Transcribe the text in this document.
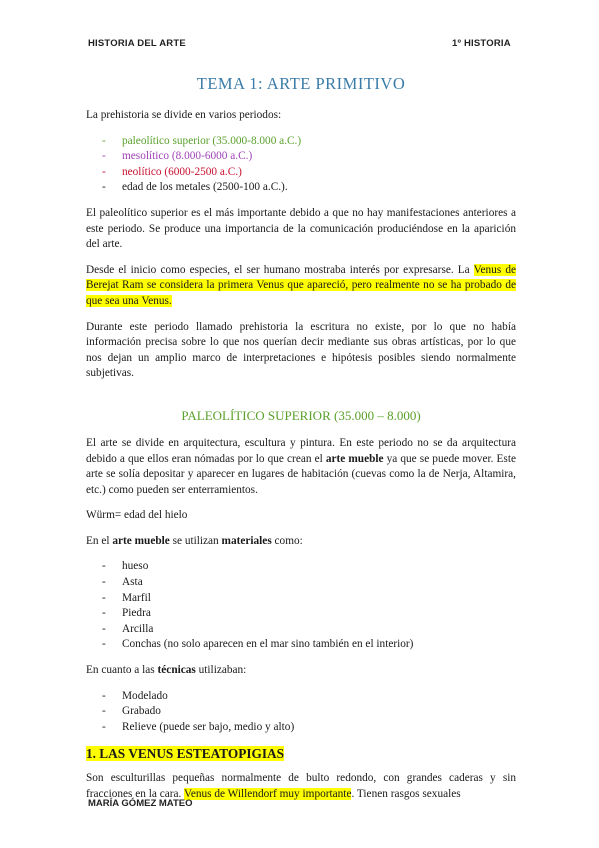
HISTORIA DEL ARTE	1º HISTORIA
TEMA 1: ARTE PRIMITIVO

La prehistoria se divide en varios periodos:

- paleolítico superior (35.000-8.000 a.C.)
- mesolítico (8.000-6000 a.C.)
- neolítico (6000-2500 a.C.)
- edad de los metales (2500-100 a.C.).

El paleolítico superior es el más importante debido a que no hay manifestaciones anteriores a este periodo. Se produce una importancia de la comunicación produciéndose en la aparición del arte.

Desde el inicio como especies, el ser humano mostraba interés por expresarse. La Venus de Berejat Ram se considera la primera Venus que apareció, pero realmente no se ha probado de que sea una Venus.

Durante este periodo llamado prehistoria la escritura no existe, por lo que no había información precisa sobre lo que nos querían decir mediante sus obras artísticas, por lo que nos dejan un amplio marco de interpretaciones e hipótesis posibles siendo normalmente subjetivas.

PALEOLÍTICO SUPERIOR (35.000 – 8.000)

El arte se divide en arquitectura, escultura y pintura. En este periodo no se da arquitectura debido a que ellos eran nómadas por lo que crean el arte mueble ya que se puede mover. Este arte se solía depositar y aparecer en lugares de habitación (cuevas como la de Nerja, Altamira, etc.) como pueden ser enterramientos.

Würm= edad del hielo

En el arte mueble se utilizan materiales como:

- hueso
- Asta
- Marfil
- Piedra
- Arcilla
- Conchas (no solo aparecen en el mar sino también en el interior)

En cuanto a las técnicas utilizaban:

- Modelado
- Grabado
- Relieve (puede ser bajo, medio y alto)
1. LAS VENUS ESTEATOPIGIAS

Son esculturillas pequeñas normalmente de bulto redondo, con grandes caderas y sin fracciones en la cara. Venus de Willendorf muy importante. Tienen rasgos sexuales

MARÍA GÓMEZ MATEO
